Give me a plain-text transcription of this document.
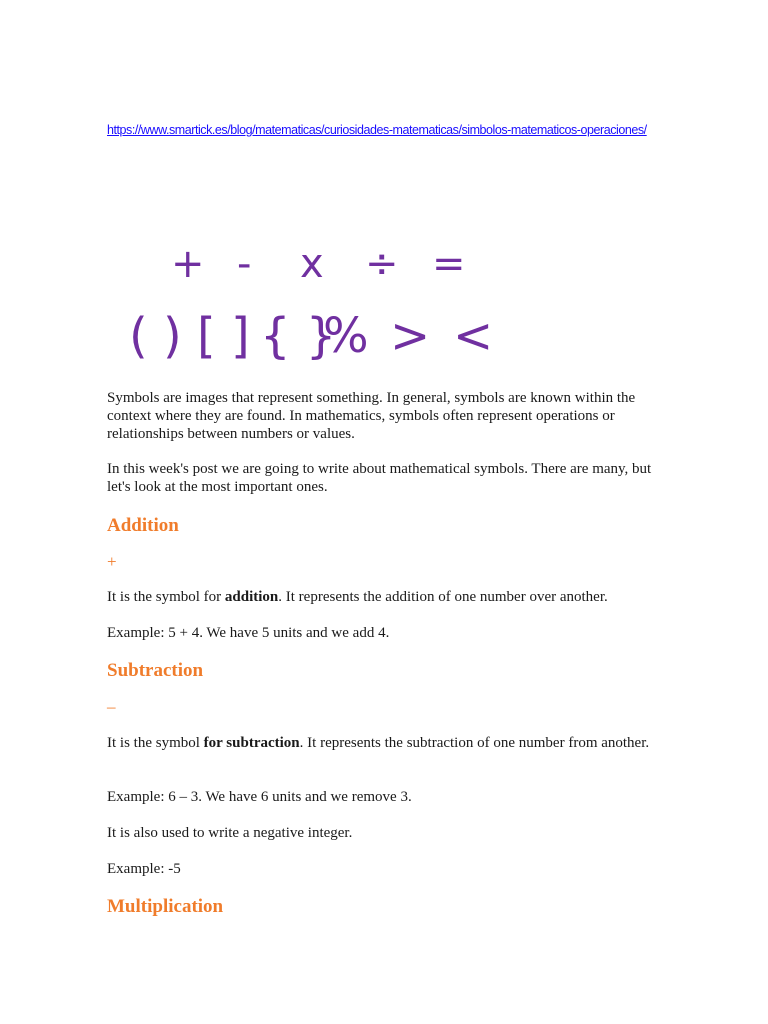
https://www.smartick.es/blog/matematicas/curiosidades-matematicas/simbolos-matematicos-operaciones/
+ - x ÷ =
( ) [ ] { }
% > <

Symbols are images that represent something. In general, symbols are known within the context where they are found. In mathematics, symbols often represent operations or relationships between numbers or values.

In this week's post we are going to write about mathematical symbols. There are many, but let's look at the most important ones.

Addition

+

It is the symbol for addition. It represents the addition of one number over another.

Example: 5 + 4. We have 5 units and we add 4.

Subtraction

–

It is the symbol for subtraction. It represents the subtraction of one number from another.

Example: 6 – 3. We have 6 units and we remove 3.

It is also used to write a negative integer.

Example: -5

Multiplication
